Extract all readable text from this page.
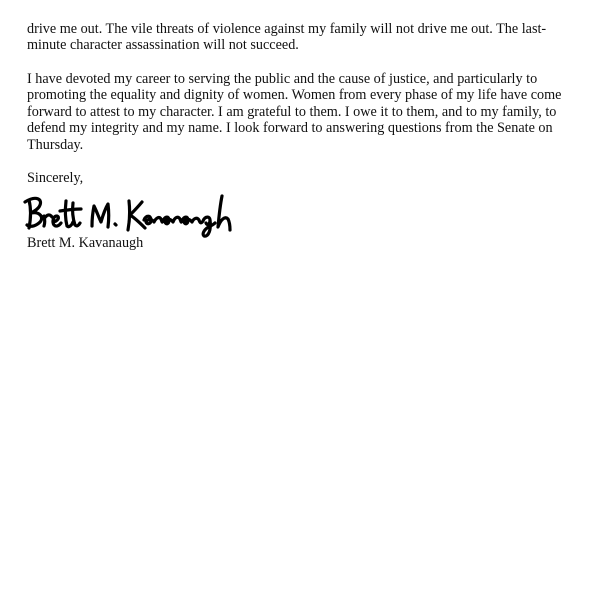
drive me out. The vile threats of violence against my family will not drive me out. The last-
minute character assassination will not succeed.
I have devoted my career to serving the public and the cause of justice, and particularly to
promoting the equality and dignity of women. Women from every phase of my life have come
forward to attest to my character. I am grateful to them. I owe it to them, and to my family, to
defend my integrity and my name. I look forward to answering questions from the Senate on
Thursday.
Sincerely,
Brett M. Kavanaugh
